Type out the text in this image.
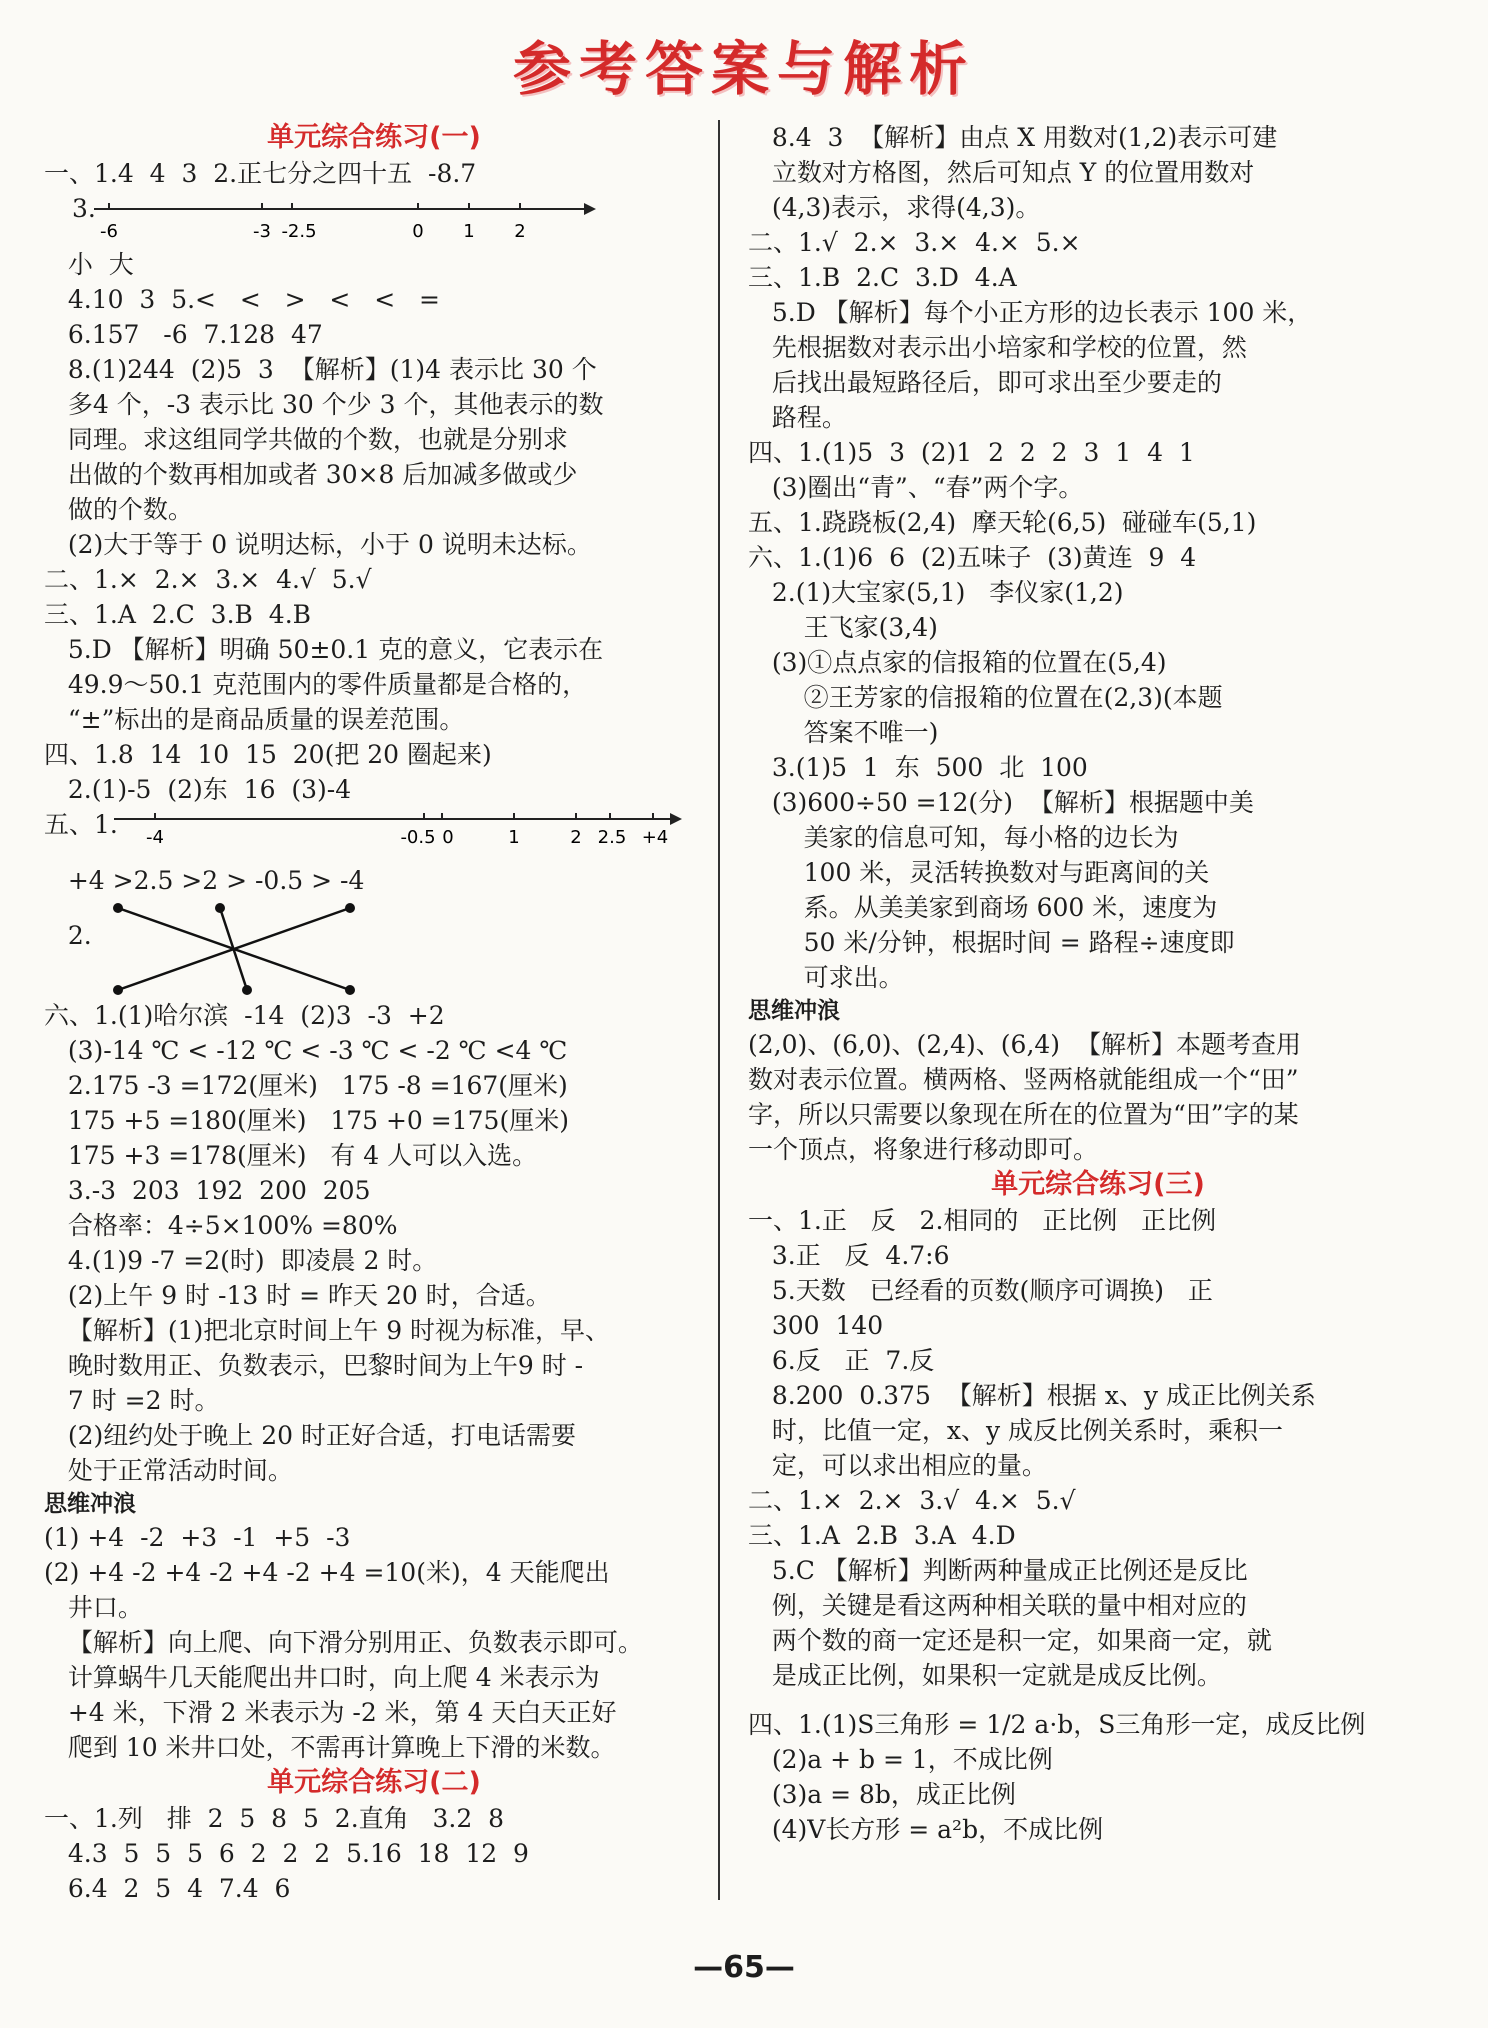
参考答案与解析
单元综合练习(一)
一、1.4  4  3  2.正七分之四十五  -8.7
3.
-6	-3 -2.5	0 1 2
小  大
4.10  3  5.<   <   >   <   <   =
6.157   -6  7.128  47
8.(1)244  (2)5  3  【解析】(1)4 表示比 30 个
多4 个，-3 表示比 30 个少 3 个，其他表示的数
同理。求这组同学共做的个数，也就是分别求
出做的个数再相加或者 30×8 后加减多做或少
做的个数。
(2)大于等于 0 说明达标，小于 0 说明未达标。
二、1.×  2.×  3.×  4.√  5.√
三、1.A  2.C  3.B  4.B
5.D 【解析】明确 50±0.1 克的意义，它表示在
49.9～50.1 克范围内的零件质量都是合格的，
“±”标出的是商品质量的误差范围。
四、1.8  14  10  15  20(把 20 圈起来)
2.(1)-5  (2)东  16  (3)-4
五、1. -4	-0.5 0	1	2 2.5 +4
+4 >2.5 >2 > -0.5 > -4
2.
六、1.(1)哈尔滨  -14  (2)3  -3  +2
(3)-14 ℃ < -12 ℃ < -3 ℃ < -2 ℃ <4 ℃
2.175 -3 =172(厘米)   175 -8 =167(厘米)
175 +5 =180(厘米)   175 +0 =175(厘米)
175 +3 =178(厘米)   有 4 人可以入选。
3.-3  203  192  200  205
合格率：4÷5×100% =80%
4.(1)9 -7 =2(时)  即凌晨 2 时。
(2)上午 9 时 -13 时 = 昨天 20 时，合适。
【解析】(1)把北京时间上午 9 时视为标准，早、
晚时数用正、负数表示，巴黎时间为上午9 时 -
7 时 =2 时。
(2)纽约处于晚上 20 时正好合适，打电话需要
处于正常活动时间。
思维冲浪
(1) +4  -2  +3  -1  +5  -3
(2) +4 -2 +4 -2 +4 -2 +4 =10(米)，4 天能爬出
井口。
【解析】向上爬、向下滑分别用正、负数表示即可。
计算蜗牛几天能爬出井口时，向上爬 4 米表示为
+4 米，下滑 2 米表示为 -2 米，第 4 天白天正好
爬到 10 米井口处，不需再计算晚上下滑的米数。
单元综合练习(二)
一、1.列   排  2  5  8  5  2.直角   3.2  8
4.3  5  5  5  6  2  2  2  5.16  18  12  9
6.4  2  5  4  7.4  6
8.4  3  【解析】由点 X 用数对(1,2)表示可建
立数对方格图，然后可知点 Y 的位置用数对
(4,3)表示，求得(4,3)。
二、1.√  2.×  3.×  4.×  5.×
三、1.B  2.C  3.D  4.A
5.D 【解析】每个小正方形的边长表示 100 米，
先根据数对表示出小培家和学校的位置，然
后找出最短路径后，即可求出至少要走的
路程。
四、1.(1)5  3  (2)1  2  2  2  3  1  4  1
(3)圈出“青”、“春”两个字。
五、1.跷跷板(2,4)  摩天轮(6,5)  碰碰车(5,1)
六、1.(1)6  6  (2)五味子  (3)黄连  9  4
2.(1)大宝家(5,1)   李仪家(1,2)
王飞家(3,4)
(3)①点点家的信报箱的位置在(5,4)
②王芳家的信报箱的位置在(2,3)(本题
答案不唯一)
3.(1)5  1  东  500  北  100
(3)600÷50 =12(分)  【解析】根据题中美
美家的信息可知，每小格的边长为
100 米，灵活转换数对与距离间的关
系。从美美家到商场 600 米，速度为
50 米/分钟，根据时间 = 路程÷速度即
可求出。
思维冲浪
(2,0)、(6,0)、(2,4)、(6,4)  【解析】本题考查用
数对表示位置。横两格、竖两格就能组成一个“田”
字，所以只需要以象现在所在的位置为“田”字的某
一个顶点，将象进行移动即可。
单元综合练习(三)
一、1.正   反   2.相同的   正比例   正比例
3.正   反  4.7:6
5.天数   已经看的页数(顺序可调换)   正
300  140
6.反   正  7.反
8.200  0.375  【解析】根据 x、y 成正比例关系
时，比值一定，x、y 成反比例关系时，乘积一
定，可以求出相应的量。
二、1.×  2.×  3.√  4.×  5.√
三、1.A  2.B  3.A  4.D
5.C 【解析】判断两种量成正比例还是反比
例，关键是看这两种相关联的量中相对应的
两个数的商一定还是积一定，如果商一定，就
是成正比例，如果积一定就是成反比例。
四、1.(1)S三角形 = 1/2 a·b，S三角形一定，成反比例
(2)a + b = 1，不成比例
(3)a = 8b，成正比例
(4)V长方形 = a²b，不成比例
—65—
